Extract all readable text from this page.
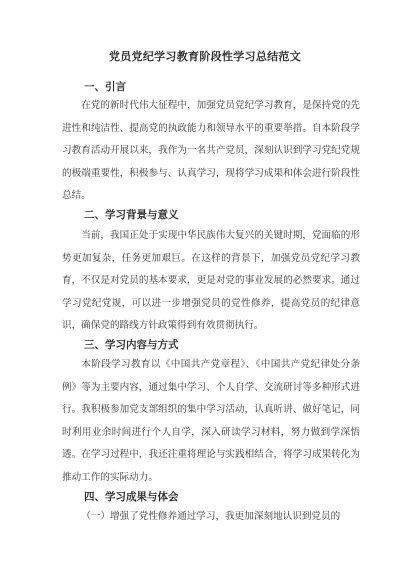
党员党纪学习教育阶段性学习总结范文
一、引言

在党的新时代伟大征程中，加强党员党纪学习教育，是保持党的先进性和纯洁性、提高党的执政能力和领导水平的重要举措。自本阶段学习教育活动开展以来，我作为一名共产党员，深刻认识到学习党纪党规的极端重要性，积极参与、认真学习，现将学习成果和体会进行阶段性总结。

二、学习背景与意义

当前，我国正处于实现中华民族伟大复兴的关键时期，党面临的形势更加复杂，任务更加艰巨。在这样的背景下，加强党员党纪学习教育，不仅是对党员的基本要求，更是对党的事业发展的必然要求。通过学习党纪党规，可以进一步增强党员的党性修养，提高党员的纪律意识，确保党的路线方针政策得到有效贯彻执行。

三、学习内容与方式

本阶段学习教育以《中国共产党章程》、《中国共产党纪律处分条例》等为主要内容，通过集中学习、个人自学、交流研讨等多种形式进行。我积极参加党支部组织的集中学习活动，认真听讲、做好笔记，同时利用业余时间进行个人自学，深入研读学习材料，努力做到学深悟透。在学习过程中，我还注重将理论与实践相结合，将学习成果转化为推动工作的实际动力。

四、学习成果与体会

（一）增强了党性修养通过学习，我更加深刻地认识到党员的
